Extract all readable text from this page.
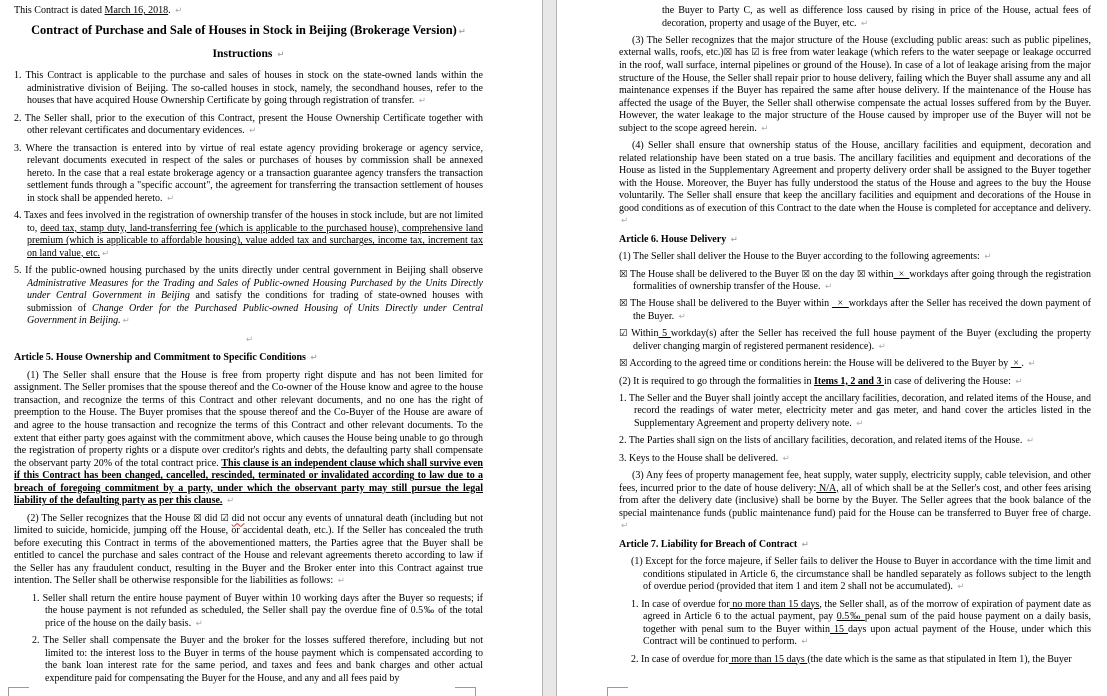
This Contract is dated March 16, 2018. ↵
Contract of Purchase and Sale of Houses in Stock in Beijing (Brokerage Version) ↵
Instructions ↵
1. This Contract is applicable to the purchase and sales of houses in stock on the state-owned lands within the administrative division of Beijing. The so-called houses in stock, namely, the secondhand houses, refer to the houses that have acquired House Ownership Certificate by going through registration of transfer. ↵
2. The Seller shall, prior to the execution of this Contract, present the House Ownership Certificate together with other relevant certificates and documentary evidences. ↵
3. Where the transaction is entered into by virtue of real estate agency providing brokerage or agency service, relevant documents executed in respect of the sales or purchases of houses by commission shall be annexed hereto. In the case that a real estate brokerage agency or a transaction guarantee agency transfers the transaction settlement funds through a "specific account", the agreement for transferring the transaction settlement of houses in stock shall be appended hereto. ↵
4. Taxes and fees involved in the registration of ownership transfer of the houses in stock include, but are not limited to, deed tax, stamp duty, land-transferring fee (which is applicable to the purchased house), comprehensive land premium (which is applicable to affordable housing), value added tax and surcharges, income tax, increment tax on land value, etc. ↵
5. If the public-owned housing purchased by the units directly under central government in Beijing shall observe Administrative Measures for the Trading and Sales of Public-owned Housing Purchased by the Units Directly under Central Government in Beijing and satisfy the conditions for trading of state-owned houses with submission of Change Order for the Purchased Public-owned Housing of Units Directly under Central Government in Beijing. ↵
↵
Article 5. House Ownership and Commitment to Specific Conditions ↵
(1) The Seller shall ensure that the House is free from property right dispute and has not been limited for assignment. The Seller promises that the spouse thereof and the Co-owner of the House know and agree to the house transaction, and recognize the terms of this Contract and other relevant documents, and no one has the right of preemption to the House. The Buyer promises that the spouse thereof and the Co-Buyer of the House are aware of and agree to the house transaction and recognize the terms of this Contract and other relevant documents. To the extent that either party goes against with the commitment above, which causes the House being unable to go through the registration of property rights or a dispute over creditor's rights and debts, the defaulting party shall compensate the observant party 20% of the total contract price. This clause is an independent clause which shall survive even if this Contract has been changed, cancelled, rescinded, terminated or invalidated according to law due to a breach of foregoing commitment by a party, under which the observant party may still pursue the legal liability of the defaulting party as per this clause. ↵
(2) The Seller recognizes that the House ☒ did ☑ did not occur any events of unnatural death (including but not limited to suicide, homicide, jumping off the House, or accidental death, etc.). If the Seller has concealed the truth before executing this Contract in terms of the abovementioned matters, the Parties agree that the Buyer shall be entitled to cancel the purchase and sales contract of the House and relevant agreements thereto according to law if the Seller has any fraudulent conduct, resulting in the Buyer and the Broker enter into this Contract against true intention. The Seller shall be otherwise responsible for the liabilities as follows: ↵
1. Seller shall return the entire house payment of Buyer within 10 working days after the Buyer so requests; if the house payment is not refunded as scheduled, the Seller shall pay the overdue fine of 0.5‰ of the total price of the house on the daily basis. ↵
2. The Seller shall compensate the Buyer and the broker for the losses suffered therefore, including but not limited to: the interest loss to the Buyer in terms of the house payment which is compensated according to the bank loan interest rate for the same period, and taxes and fees and bank charges and other actual expenditure paid for compensating the Buyer for the House, and any and all fees paid by
the Buyer to Party C, as well as difference loss caused by rising in price of the House, actual fees of decoration, property and usage of the Buyer, etc. ↵
(3) The Seller recognizes that the major structure of the House (excluding public areas: such as public pipelines, external walls, roofs, etc.)☒ has ☑ is free from water leakage (which refers to the water seepage or leakage occurred in the roof, wall surface, internal pipelines or ground of the House). In case of a lot of leakage arising from the major structure of the House, the Seller shall repair prior to house delivery, failing which the Buyer shall assume any and all maintenance expenses if the Buyer has repaired the same after house delivery. If the maintenance of the House has affected the usage of the Buyer, the Seller shall otherwise compensate the actual losses suffered from by the Buyer. However, the water leakage to the major structure of the House caused by improper use of the Buyer will not be subject to the scope agreed herein. ↵
(4) Seller shall ensure that ownership status of the House, ancillary facilities and equipment, decoration and related relationship have been stated on a true basis. The ancillary facilities and equipment and decorations of the House as listed in the Supplementary Agreement and property delivery order shall be assigned to the Buyer together with the House. Moreover, the Buyer has fully understood the status of the House and agrees to the buy the House voluntarily. The Seller shall ensure that keep the ancillary facilities and equipment and decorations of the House in good conditions as of execution of this Contract to the date when the House is completed for acceptance and delivery. ↵
Article 6. House Delivery ↵
(1) The Seller shall deliver the House to the Buyer according to the following agreements: ↵
☒ The House shall be delivered to the Buyer ☒ on the day ☒ within  ×  workdays after going through the registration formalities of ownership transfer of the House. ↵
☒ The House shall be delivered to the Buyer within   ×  workdays after the Seller has received the down payment of the Buyer. ↵
☑ Within 5 workday(s) after the Seller has received the full house payment of the Buyer (excluding the property deliver changing margin of registered permanent residence). ↵
☒ According to the agreed time or conditions herein: the House will be delivered to the Buyer by  × . ↵
(2) It is required to go through the formalities in Items 1, 2 and 3 in case of delivering the House: ↵
1. The Seller and the Buyer shall jointly accept the ancillary facilities, decoration, and related items of the House, and record the readings of water meter, electricity meter and gas meter, and hand cover the articles listed in the Supplementary Agreement and property delivery note. ↵
2. The Parties shall sign on the lists of ancillary facilities, decoration, and related items of the House. ↵
3. Keys to the House shall be delivered. ↵
(3) Any fees of property management fee, heat supply, water supply, electricity supply, cable television, and other fees, incurred prior to the date of house delivery: N/A, all of which shall be at the Seller's cost, and other fees arising from after the delivery date (inclusive) shall be borne by the Buyer. The Seller agrees that the book balance of the special maintenance funds (public maintenance fund) paid for the House can be transferred to Buyer free of charge. ↵
Article 7. Liability for Breach of Contract ↵
(1) Except for the force majeure, if Seller fails to deliver the House to Buyer in accordance with the time limit and conditions stipulated in Article 6, the circumstance shall be handled separately as follows subject to the length of overdue period (provided that item 1 and item 2 shall not be accumulated). ↵
1. In case of overdue for no more than 15 days, the Seller shall, as of the morrow of expiration of payment date as agreed in Article 6 to the actual payment, pay 0.5‰ penal sum of the paid house payment on a daily basis, together with penal sum to the Buyer within 15 days upon actual payment of the House, under which this Contract will be continued to perform. ↵
2. In case of overdue for more than 15 days (the date which is the same as that stipulated in Item 1), the Buyer
